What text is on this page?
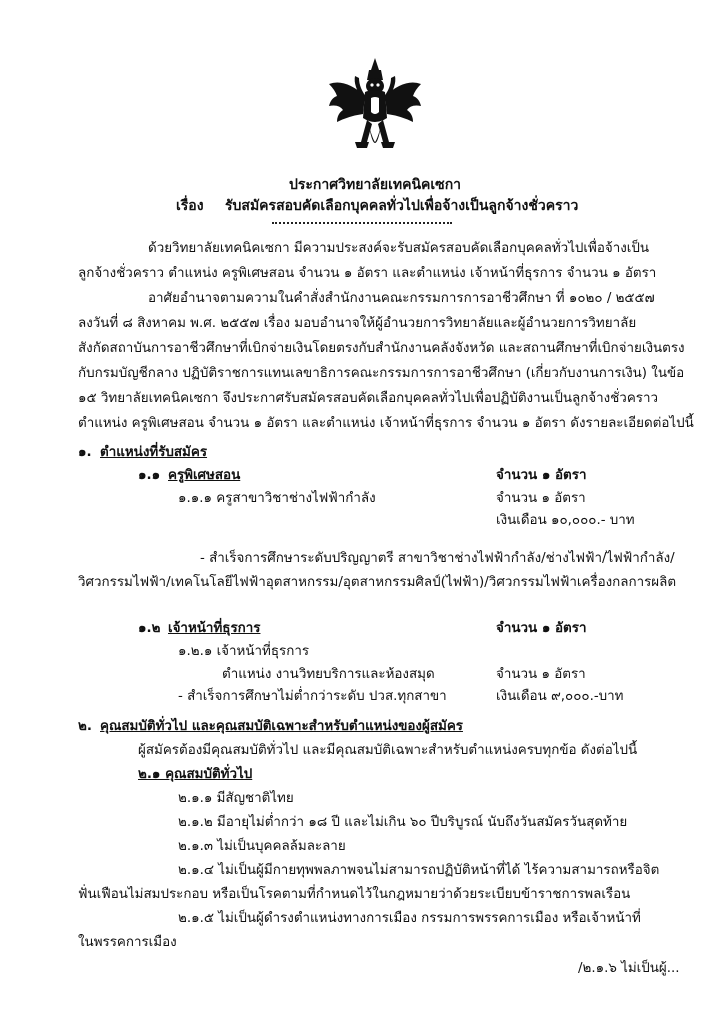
ประกาศวิทยาลัยเทคนิคเซกา
เรื่อง รับสมัครสอบคัดเลือกบุคคลทั่วไปเพื่อจ้างเป็นลูกจ้างชั่วคราว
ด้วยวิทยาลัยเทคนิคเซกา มีความประสงค์จะรับสมัครสอบคัดเลือกบุคคลทั่วไปเพื่อจ้างเป็น
ลูกจ้างชั่วคราว ตำแหน่ง ครูพิเศษสอน จำนวน ๑ อัตรา และตำแหน่ง เจ้าหน้าที่ธุรการ จำนวน ๑ อัตรา
อาศัยอำนาจตามความในคำสั่งสำนักงานคณะกรรมการการอาชีวศึกษา ที่ ๑๐๒๐ / ๒๕๕๗
ลงวันที่ ๘ สิงหาคม พ.ศ. ๒๕๕๗ เรื่อง มอบอำนาจให้ผู้อำนวยการวิทยาลัยและผู้อำนวยการวิทยาลัย
สังกัดสถาบันการอาชีวศึกษาที่เบิกจ่ายเงินโดยตรงกับสำนักงานคลังจังหวัด และสถานศึกษาที่เบิกจ่ายเงินตรง
กับกรมบัญชีกลาง ปฏิบัติราชการแทนเลขาธิการคณะกรรมการการอาชีวศึกษา (เกี่ยวกับงานการเงิน) ในข้อ
๑๕ วิทยาลัยเทคนิคเซกา จึงประกาศรับสมัครสอบคัดเลือกบุคคลทั่วไปเพื่อปฏิบัติงานเป็นลูกจ้างชั่วคราว
ตำแหน่ง ครูพิเศษสอน จำนวน ๑ อัตรา และตำแหน่ง เจ้าหน้าที่ธุรการ จำนวน ๑ อัตรา ดังรายละเอียดต่อไปนี้
๑. ตำแหน่งที่รับสมัคร
๑.๑ ครูพิเศษสอน	จำนวน ๑ อัตรา
๑.๑.๑ ครูสาขาวิชาช่างไฟฟ้ากำลัง	จำนวน ๑ อัตรา
เงินเดือน ๑๐,๐๐๐.- บาท
- สำเร็จการศึกษาระดับปริญญาตรี สาขาวิชาช่างไฟฟ้ากำลัง/ช่างไฟฟ้า/ไฟฟ้ากำลัง/
วิศวกรรมไฟฟ้า/เทคโนโลยีไฟฟ้าอุตสาหกรรม/อุตสาหกรรมศิลป์(ไฟฟ้า)/วิศวกรรมไฟฟ้าเครื่องกลการผลิต
๑.๒ เจ้าหน้าที่ธุรการ	จำนวน ๑ อัตรา
๑.๒.๑ เจ้าหน้าที่ธุรการ
ตำแหน่ง งานวิทยบริการและห้องสมุด	จำนวน ๑ อัตรา
- สำเร็จการศึกษาไม่ต่ำกว่าระดับ ปวส.ทุกสาขา	เงินเดือน ๙,๐๐๐.-บาท
๒. คุณสมบัติทั่วไป และคุณสมบัติเฉพาะสำหรับตำแหน่งของผู้สมัคร
ผู้สมัครต้องมีคุณสมบัติทั่วไป และมีคุณสมบัติเฉพาะสำหรับตำแหน่งครบทุกข้อ ดังต่อไปนี้
๒.๑ คุณสมบัติทั่วไป
๒.๑.๑ มีสัญชาติไทย
๒.๑.๒ มีอายุไม่ต่ำกว่า ๑๘ ปี และไม่เกิน ๖๐ ปีบริบูรณ์ นับถึงวันสมัครวันสุดท้าย
๒.๑.๓ ไม่เป็นบุคคลล้มละลาย
๒.๑.๔ ไม่เป็นผู้มีกายทุพพลภาพจนไม่สามารถปฏิบัติหน้าที่ได้ ไร้ความสามารถหรือจิต
ฟั่นเฟือนไม่สมประกอบ หรือเป็นโรคตามที่กำหนดไว้ในกฎหมายว่าด้วยระเบียบข้าราชการพลเรือน
๒.๑.๕ ไม่เป็นผู้ดำรงตำแหน่งทางการเมือง กรรมการพรรคการเมือง หรือเจ้าหน้าที่
ในพรรคการเมือง
/๒.๑.๖ ไม่เป็นผู้...
